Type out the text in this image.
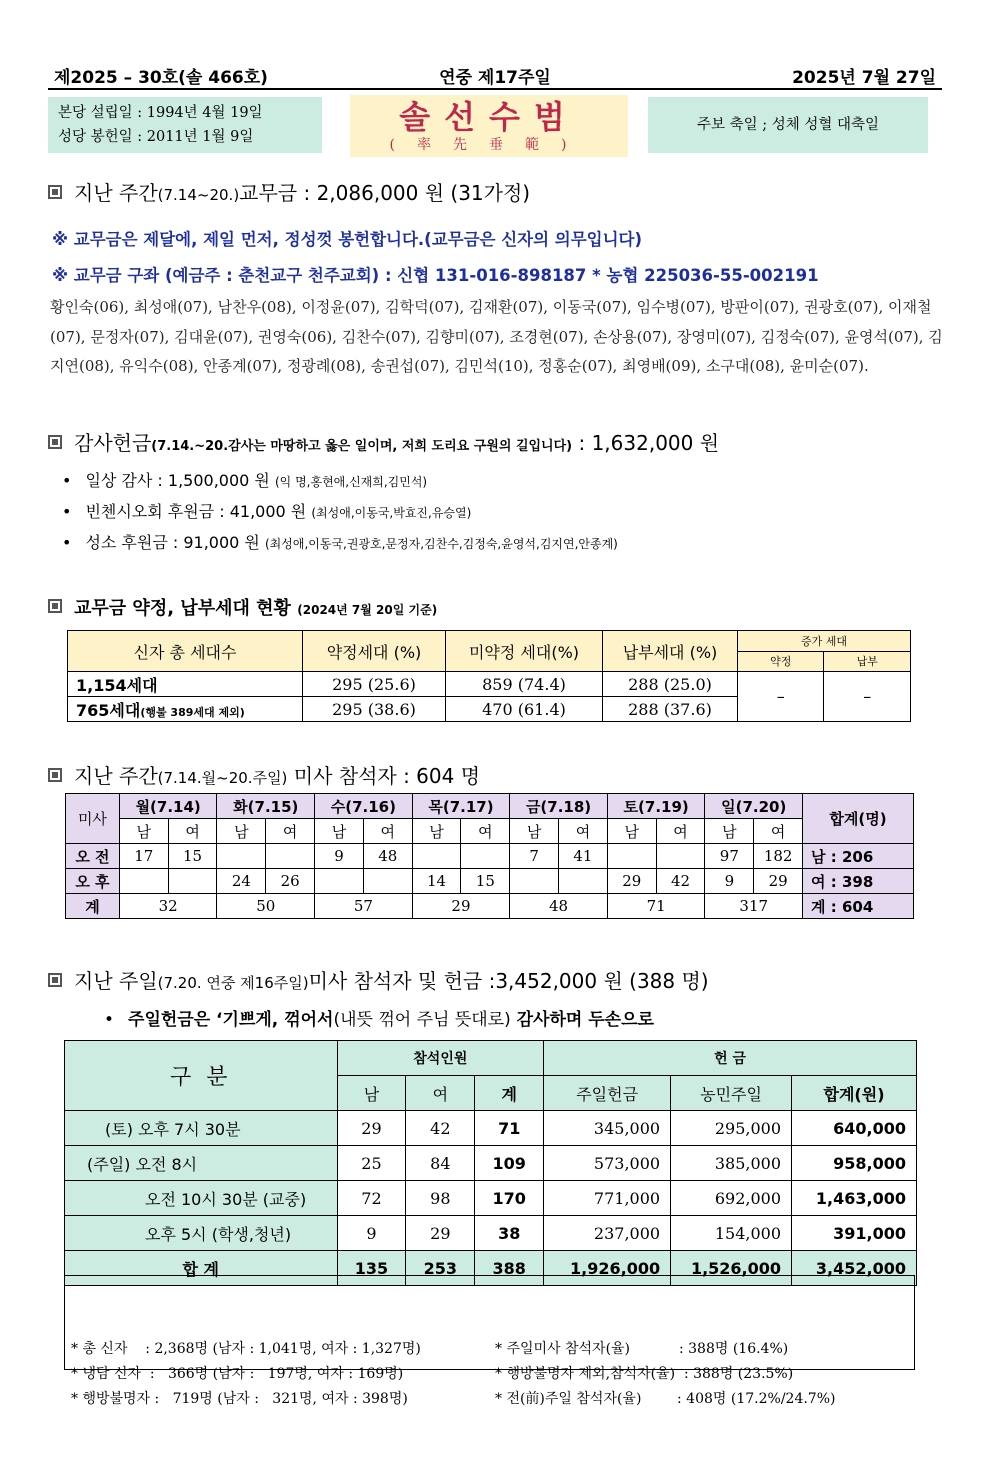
제2025 – 30호(솔 466호)	연중 제17주일	2025년 7월 27일
본당 설립일 : 1994년 4월 19일
성당 봉헌일 : 2011년 1월 9일
솔선수범
(率先垂範)
주보 축일 ; 성체 성혈 대축일
지난 주간(7.14~20.)교무금 : 2,086,000 원 (31가정)
※ 교무금은 제달에, 제일 먼저, 정성껏 봉헌합니다.(교무금은 신자의 의무입니다)
※ 교무금 구좌 (예금주 : 춘천교구 천주교회) : 신협 131-016-898187 * 농협 225036-55-002191
황인숙(06), 최성애(07), 남찬우(08), 이정윤(07), 김학덕(07), 김재환(07), 이동국(07), 임수병(07), 방판이(07), 권광호(07), 이재철(07), 문정자(07), 김대윤(07), 권영숙(06), 김찬수(07), 김향미(07), 조경현(07), 손상용(07), 장영미(07), 김정숙(07), 윤영석(07), 김지연(08), 유익수(08), 안종계(07), 정광례(08), 송권섭(07), 김민석(10), 정홍순(07), 최영배(09), 소구대(08), 윤미순(07).
감사헌금(7.14.~20.감사는 마땅하고 옳은 일이며, 저희 도리요 구원의 길입니다) : 1,632,000 원
• 일상 감사 : 1,500,000 원 (익 명,홍현애,신재희,김민석)
• 빈첸시오회 후원금 : 41,000 원 (최성애,이동국,박효진,유승열)
• 성소 후원금 : 91,000 원 (최성애,이동국,권광호,문정자,김찬수,김정숙,윤영석,김지연,안종계)
교무금 약정, 납부세대 현황 (2024년 7월 20일 기준)
신자 총 세대수	약정세대 (%)	미약정 세대(%)	납부세대 (%)	증가 세대	
				약정	납부
1,154세대	295 (25.6)	859 (74.4)	288 (25.0)	–	–
765세대(행불 389세대 제외)	295 (38.6)	470 (61.4)	288 (37.6)		
지난 주간(7.14.월~20.주일) 미사 참석자 : 604 명
미사	월(7.14)		화(7.15)		수(7.16)		목(7.17)		금(7.18)		토(7.19)		일(7.20)		합계(명)
	남	여	남	여	남	여	남	여	남	여	남	여	남	여	
오 전	17	15			9	48			7	41			97	182	남 : 206
오 후			24	26			14	15			29	42	9	29	여 : 398
계	32		50		57		29		48		71		317		계 : 604
지난 주일(7.20. 연중 제16주일)미사 참석자 및 헌금 :3,452,000 원 (388 명)
• 주일헌금은 ‘기쁘게, 꺾어서(내뜻 꺾어 주님 뜻대로) 감사하며 두손으로
구 분	참석인원			헌 금		
	남	여	계	주일헌금	농민주일	합계(원)
(토) 오후 7시 30분	29	42	71	345,000	295,000	640,000
(주일) 오전 8시	25	84	109	573,000	385,000	958,000
오전 10시 30분 (교중)	72	98	170	771,000	692,000	1,463,000
오후 5시 (학생,청년)	9	29	38	237,000	154,000	391,000
합 계	135	253	388	1,926,000	1,526,000	3,452,000

* 총 신자    : 2,368명 (남자 : 1,041명, 여자 : 1,327명)
* 냉담 신자  :   366명 (남자 :   197명, 여자 : 169명)
* 행방불명자 :   719명 (남자 :   321명, 여자 : 398명)

* 주일미사 참석자(율)           : 388명 (16.4%)
* 행방불명자 제외,참석자(율)  : 388명 (23.5%)
* 전(前)주일 참석자(율)        : 408명 (17.2%/24.7%)
